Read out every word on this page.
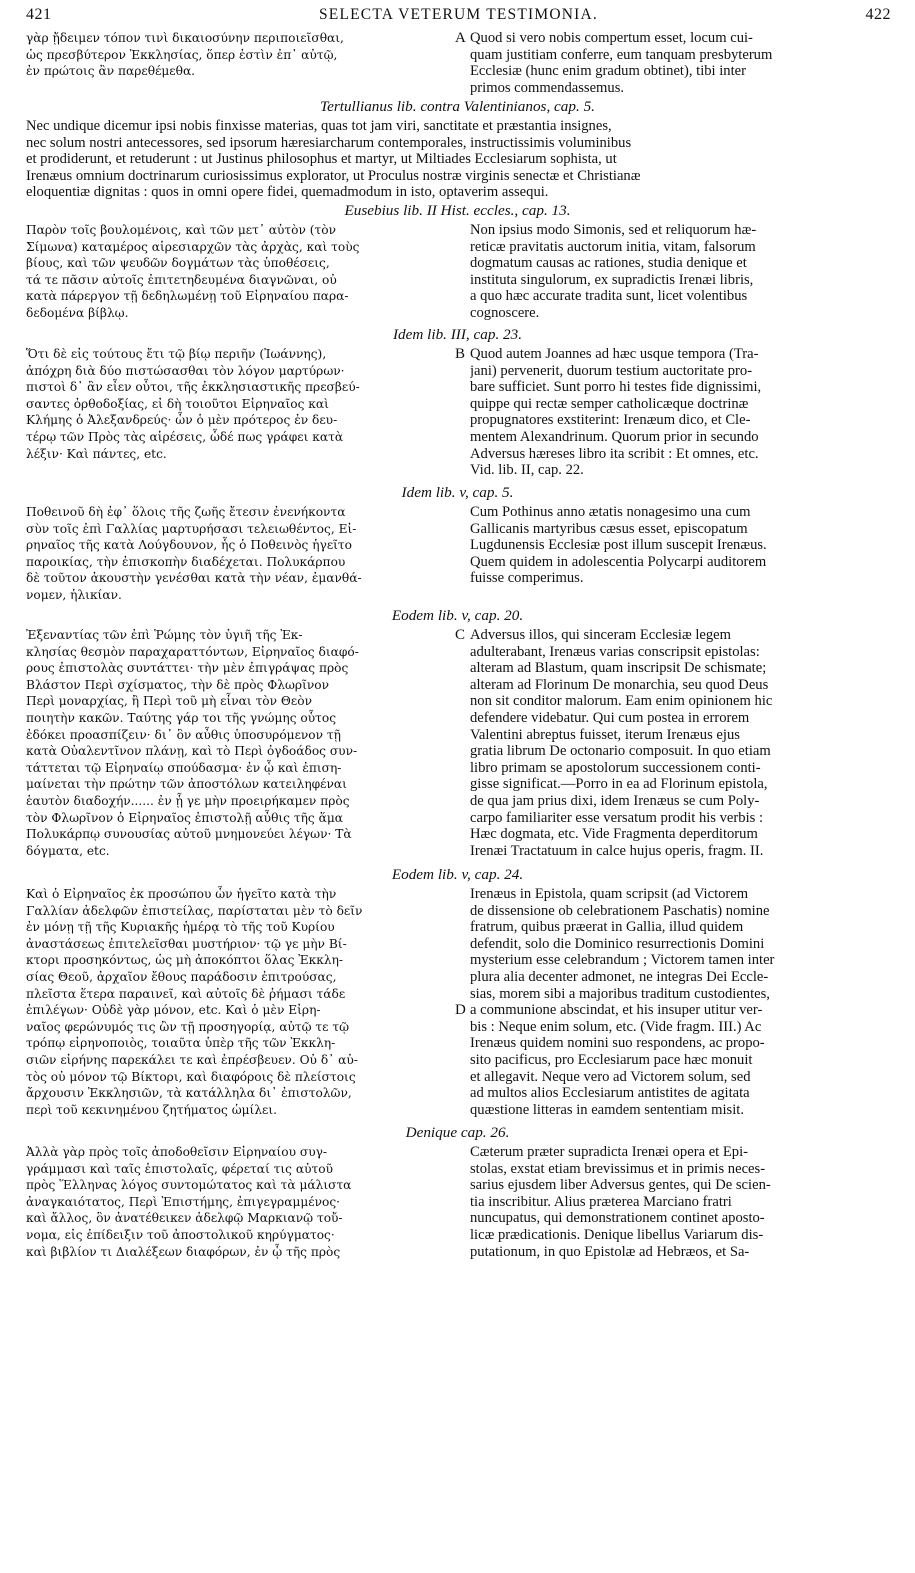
421	SELECTA VETERUM TESTIMONIA.	422
γὰρ ᾔδειμεν τόπον τινὶ δικαιοσύνην περιποιεῖσθαι,
ὡς πρεσβύτερον Ἐκκλησίας, ὅπερ ἐστὶν ἐπ᾽ αὐτῷ,
ἐν πρώτοις ἂν παρεθέμεθα.
A Quod si vero nobis compertum esset, locum cui-
quam justitiam conferre, eum tanquam presbyterum
Ecclesiæ (hunc enim gradum obtinet), tibi inter
primos commendassemus.
Tertullianus lib. contra Valentinianos, cap. 5.
Nec undique dicemur ipsi nobis finxisse materias, quas tot jam viri, sanctitate et præstantia insignes,
nec solum nostri antecessores, sed ipsorum hæresiarcharum contemporales, instructissimis voluminibus
et prodiderunt, et retuderunt : ut Justinus philosophus et martyr, ut Miltiades Ecclesiarum sophista, ut
Irenæus omnium doctrinarum curiosissimus explorator, ut Proculus nostræ virginis senectæ et Christianæ
eloquentiæ dignitas : quos in omni opere fidei, quemadmodum in isto, optaverim assequi.
Eusebius lib. II Hist. eccles., cap. 13.
Παρὸν τοῖς βουλομένοις, καὶ τῶν μετ᾽ αὐτὸν (τὸν
Σίμωνα) καταμέρος αἱρεσιαρχῶν τὰς ἀρχὰς, καὶ τοὺς
βίους, καὶ τῶν ψευδῶν δογμάτων τὰς ὑποθέσεις,
τά τε πᾶσιν αὐτοῖς ἐπιτετηδευμένα διαγνῶναι, οὐ
κατὰ πάρεργον τῇ δεδηλωμένῃ τοῦ Εἰρηναίου παρα-
δεδομένα βίβλῳ.
Non ipsius modo Simonis, sed et reliquorum hæ-
reticæ pravitatis auctorum initia, vitam, falsorum
dogmatum causas ac rationes, studia denique et
instituta singulorum, ex supradictis Irenæi libris,
a quo hæc accurate tradita sunt, licet volentibus
cognoscere.
Idem lib. III, cap. 23.
Ὅτι δὲ εἰς τούτους ἔτι τῷ βίῳ περιῆν (Ἰωάννης),
ἀπόχρη διὰ δύο πιστώσασθαι τὸν λόγον μαρτύρων·
πιστοὶ δ᾽ ἂν εἶεν οὗτοι, τῆς ἐκκλησιαστικῆς πρεσβεύ-
σαντες ὀρθοδοξίας, εἰ δὴ τοιοῦτοι Εἰρηναῖος καὶ
Κλήμης ὁ Ἀλεξανδρεύς· ὧν ὁ μὲν πρότερος ἐν δευ-
τέρῳ τῶν Πρὸς τὰς αἱρέσεις, ὧδέ πως γράφει κατὰ
λέξιν· Καὶ πάντες, etc.
B Quod autem Joannes ad hæc usque tempora (Tra-
jani) pervenerit, duorum testium auctoritate pro-
bare sufficiet. Sunt porro hi testes fide dignissimi,
quippe qui rectæ semper catholicæque doctrinæ
propugnatores exstiterint: Irenæum dico, et Cle-
mentem Alexandrinum. Quorum prior in secundo
Adversus hæreses libro ita scribit : Et omnes, etc.
Vid. lib. II, cap. 22.
Idem lib. v, cap. 5.
Ποθεινοῦ δὴ ἐφ᾽ ὅλοις τῆς ζωῆς ἔτεσιν ἐνενήκοντα
σὺν τοῖς ἐπὶ Γαλλίας μαρτυρήσασι τελειωθέντος, Εἰ-
ρηναῖος τῆς κατὰ Λούγδουνον, ἧς ὁ Ποθεινὸς ἡγεῖτο
παροικίας, τὴν ἐπισκοπὴν διαδέχεται. Πολυκάρπου
δὲ τοῦτον ἀκουστὴν γενέσθαι κατὰ τὴν νέαν, ἐμανθά-
νομεν, ἡλικίαν.
Cum Pothinus anno ætatis nonagesimo una cum
Gallicanis martyribus cæsus esset, episcopatum
Lugdunensis Ecclesiæ post illum suscepit Irenæus.
Quem quidem in adolescentia Polycarpi auditorem
fuisse comperimus.
Eodem lib. v, cap. 20.
Ἐξεναντίας τῶν ἐπὶ Ῥώμης τὸν ὑγιῆ τῆς Ἐκ-
κλησίας θεσμὸν παραχαραττόντων, Εἰρηναῖος διαφό-
ρους ἐπιστολὰς συντάττει· τὴν μὲν ἐπιγράψας πρὸς
Βλάστον Περὶ σχίσματος, τὴν δὲ πρὸς Φλωρῖνον
Περὶ μοναρχίας, ἢ Περὶ τοῦ μὴ εἶναι τὸν Θεὸν
ποιητὴν κακῶν. Ταύτης γάρ τοι τῆς γνώμης οὗτος
ἐδόκει προασπίζειν· δι᾽ ὃν αὖθις ὑποσυρόμενον τῇ
κατὰ Οὐαλεντῖνον πλάνῃ, καὶ τὸ Περὶ ὀγδοάδος συν-
τάττεται τῷ Εἰρηναίῳ σπούδασμα· ἐν ᾧ καὶ ἐπιση-
μαίνεται τὴν πρώτην τῶν ἀποστόλων κατειληφέναι
ἑαυτὸν διαδοχήν...... ἐν ᾗ γε μὴν προειρήκαμεν πρὸς
τὸν Φλωρῖνον ὁ Εἰρηναῖος ἐπιστολῇ αὖθις τῆς ἅμα
Πολυκάρπῳ συνουσίας αὐτοῦ μνημονεύει λέγων· Τὰ
δόγματα, etc.
C Adversus illos, qui sinceram Ecclesiæ legem
adulterabant, Irenæus varias conscripsit epistolas:
alteram ad Blastum, quam inscripsit De schismate;
alteram ad Florinum De monarchia, seu quod Deus
non sit conditor malorum. Eam enim opinionem hic
defendere videbatur. Qui cum postea in errorem
Valentini abreptus fuisset, iterum Irenæus ejus
gratia librum De octonario composuit. In quo etiam
libro primam se apostolorum successionem conti-
gisse significat.—Porro in ea ad Florinum epistola,
de qua jam prius dixi, idem Irenæus se cum Poly-
carpo familiariter esse versatum prodit his verbis :
Hæc dogmata, etc. Vide Fragmenta deperditorum
Irenæi Tractatuum in calce hujus operis, fragm. II.
Eodem lib. v, cap. 24.
Καὶ ὁ Εἰρηναῖος ἐκ προσώπου ὧν ἡγεῖτο κατὰ τὴν
Γαλλίαν ἀδελφῶν ἐπιστείλας, παρίσταται μὲν τὸ δεῖν
ἐν μόνῃ τῇ τῆς Κυριακῆς ἡμέρᾳ τὸ τῆς τοῦ Κυρίου
ἀναστάσεως ἐπιτελεῖσθαι μυστήριον· τῷ γε μὴν Βί-
κτορι προσηκόντως, ὡς μὴ ἀποκόπτοι ὅλας Ἐκκλη-
σίας Θεοῦ, ἀρχαῖον ἔθους παράδοσιν ἐπιτρούσας,
πλεῖστα ἕτερα παραινεῖ, καὶ αὐτοῖς δὲ ῥήμασι τάδε
ἐπιλέγων· Οὐδὲ γὰρ μόνον, etc. Καὶ ὁ μὲν Εἰρη-
ναῖος φερώνυμός τις ὢν τῇ προσηγορίᾳ, αὐτῷ τε τῷ
τρόπῳ εἰρηνοποιὸς, τοιαῦτα ὑπὲρ τῆς τῶν Ἐκκλη-
σιῶν εἰρήνης παρεκάλει τε καὶ ἐπρέσβευεν. Οὐ δ᾽ αὐ-
τὸς οὐ μόνον τῷ Βίκτορι, καὶ διαφόροις δὲ πλείστοις
ἄρχουσιν Ἐκκλησιῶν, τὰ κατάλληλα δι᾽ ἐπιστολῶν,
περὶ τοῦ κεκινημένου ζητήματος ὡμίλει.
D
Irenæus in Epistola, quam scripsit (ad Victorem
de dissensione ob celebrationem Paschatis) nomine
fratrum, quibus præerat in Gallia, illud quidem
defendit, solo die Dominico resurrectionis Domini
mysterium esse celebrandum ; Victorem tamen inter
plura alia decenter admonet, ne integras Dei Eccle-
sias, morem sibi a majoribus traditum custodientes,
a communione abscindat, et his insuper utitur ver-
bis : Neque enim solum, etc. (Vide fragm. III.) Ac
Irenæus quidem nomini suo respondens, ac propo-
sito pacificus, pro Ecclesiarum pace hæc monuit
et allegavit. Neque vero ad Victorem solum, sed
ad multos alios Ecclesiarum antistites de agitata
quæstione litteras in eamdem sententiam misit.
Denique cap. 26.
Ἀλλὰ γὰρ πρὸς τοῖς ἀποδοθεῖσιν Εἰρηναίου συγ-
γράμμασι καὶ ταῖς ἐπιστολαῖς, φέρεταί τις αὐτοῦ
πρὸς Ἕλληνας λόγος συντομώτατος καὶ τὰ μάλιστα
ἀναγκαιότατος, Περὶ Ἐπιστήμης, ἐπιγεγραμμένος·
καὶ ἄλλος, ὃν ἀνατέθεικεν ἀδελφῷ Μαρκιανῷ τοὔ-
νομα, εἰς ἐπίδειξιν τοῦ ἀποστολικοῦ κηρύγματος·
καὶ βιβλίον τι Διαλέξεων διαφόρων, ἐν ᾧ τῆς πρὸς
Cæterum præter supradicta Irenæi opera et Epi-
stolas, exstat etiam brevissimus et in primis neces-
sarius ejusdem liber Adversus gentes, qui De scien-
tia inscribitur. Alius præterea Marciano fratri
nuncupatus, qui demonstrationem continet aposto-
licæ prædicationis. Denique libellus Variarum dis-
putationum, in quo Epistolæ ad Hebræos, et Sa-
